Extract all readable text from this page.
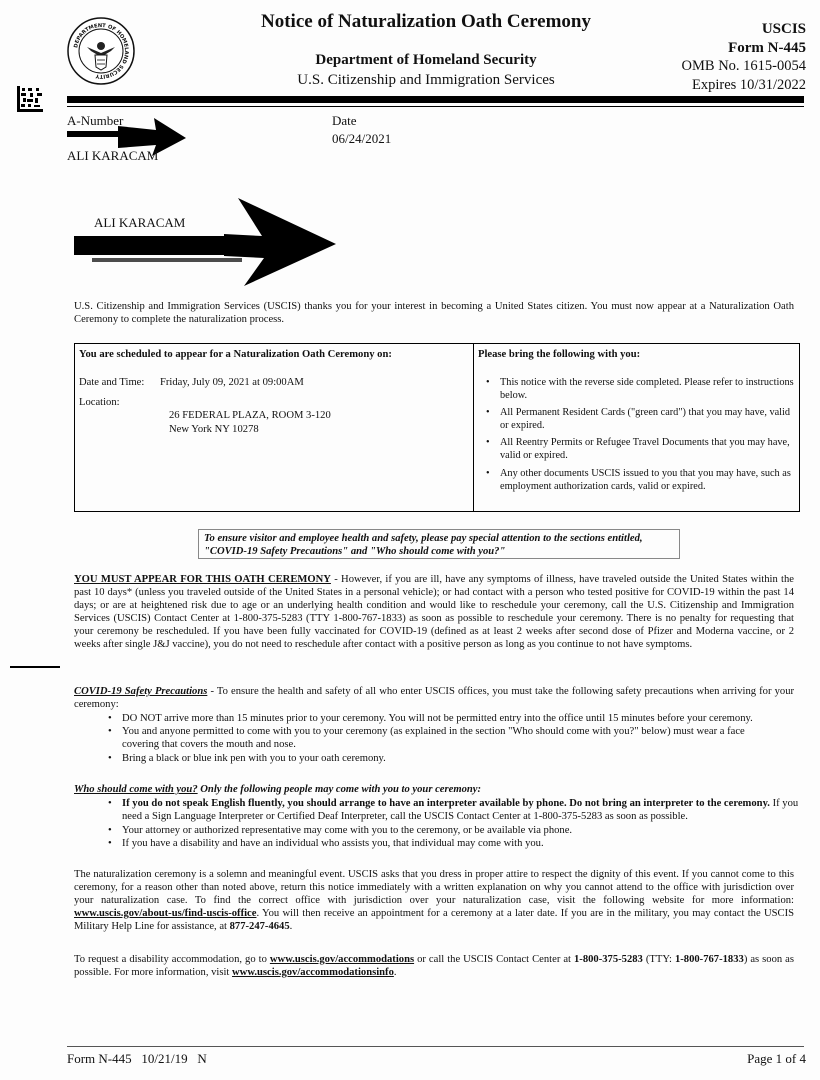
DEPARTMENT OF HOMELAND SECURITY
Notice of Naturalization Oath Ceremony
Department of Homeland Security
U.S. Citizenship and Immigration Services
USCIS
Form N-445
OMB No. 1615-0054
Expires 10/31/2022
A-Number
ALI KARACAM
Date
06/24/2021
ALI KARACAM
U.S. Citizenship and Immigration Services (USCIS) thanks you for your interest in becoming a United States citizen. You must now appear at a Naturalization Oath Ceremony to complete the naturalization process.
You are scheduled to appear for a Naturalization Oath Ceremony on:
Date and Time: Friday, July 09, 2021 at 09:00AM
Location:
26 FEDERAL PLAZA, ROOM 3-120
New York NY 10278
Please bring the following with you:
• This notice with the reverse side completed. Please refer to instructions below.
• All Permanent Resident Cards ("green card") that you may have, valid or expired.
• All Reentry Permits or Refugee Travel Documents that you may have, valid or expired.
• Any other documents USCIS issued to you that you may have, such as employment authorization cards, valid or expired.
To ensure visitor and employee health and safety, please pay special attention to the sections entitled,
"COVID-19 Safety Precautions" and "Who should come with you?"
YOU MUST APPEAR FOR THIS OATH CEREMONY - However, if you are ill, have any symptoms of illness, have traveled outside the United States within the past 10 days* (unless you traveled outside of the United States in a personal vehicle); or had contact with a person who tested positive for COVID-19 within the past 14 days; or are at heightened risk due to age or an underlying health condition and would like to reschedule your ceremony, call the U.S. Citizenship and Immigration Services (USCIS) Contact Center at 1-800-375-5283 (TTY 1-800-767-1833) as soon as possible to reschedule your ceremony. There is no penalty for requesting that your ceremony be rescheduled. If you have been fully vaccinated for COVID-19 (defined as at least 2 weeks after second dose of Pfizer and Moderna vaccine, or 2 weeks after single J&J vaccine), you do not need to reschedule after contact with a positive person as long as you continue to not have symptoms.
COVID-19 Safety Precautions - To ensure the health and safety of all who enter USCIS offices, you must take the following safety precautions when arriving for your ceremony:
• DO NOT arrive more than 15 minutes prior to your ceremony. You will not be permitted entry into the office until 15 minutes before your ceremony.
• You and anyone permitted to come with you to your ceremony (as explained in the section "Who should come with you?" below) must wear a face covering that covers the mouth and nose.
• Bring a black or blue ink pen with you to your oath ceremony.
Who should come with you? Only the following people may come with you to your ceremony:
• If you do not speak English fluently, you should arrange to have an interpreter available by phone. Do not bring an interpreter to the ceremony. If you need a Sign Language Interpreter or Certified Deaf Interpreter, call the USCIS Contact Center at 1-800-375-5283 as soon as possible.
• Your attorney or authorized representative may come with you to the ceremony, or be available via phone.
• If you have a disability and have an individual who assists you, that individual may come with you.
The naturalization ceremony is a solemn and meaningful event. USCIS asks that you dress in proper attire to respect the dignity of this event. If you cannot come to this ceremony, for a reason other than noted above, return this notice immediately with a written explanation on why you cannot attend to the office with jurisdiction over your naturalization case. To find the correct office with jurisdiction over your naturalization case, visit the following website for more information: www.uscis.gov/about-us/find-uscis-office. You will then receive an appointment for a ceremony at a later date. If you are in the military, you may contact the USCIS Military Help Line for assistance, at 877-247-4645.
To request a disability accommodation, go to www.uscis.gov/accommodations or call the USCIS Contact Center at 1-800-375-5283 (TTY: 1-800-767-1833) as soon as possible. For more information, visit www.uscis.gov/accommodationsinfo.
Form N-445   10/21/19   N	Page 1 of 4
